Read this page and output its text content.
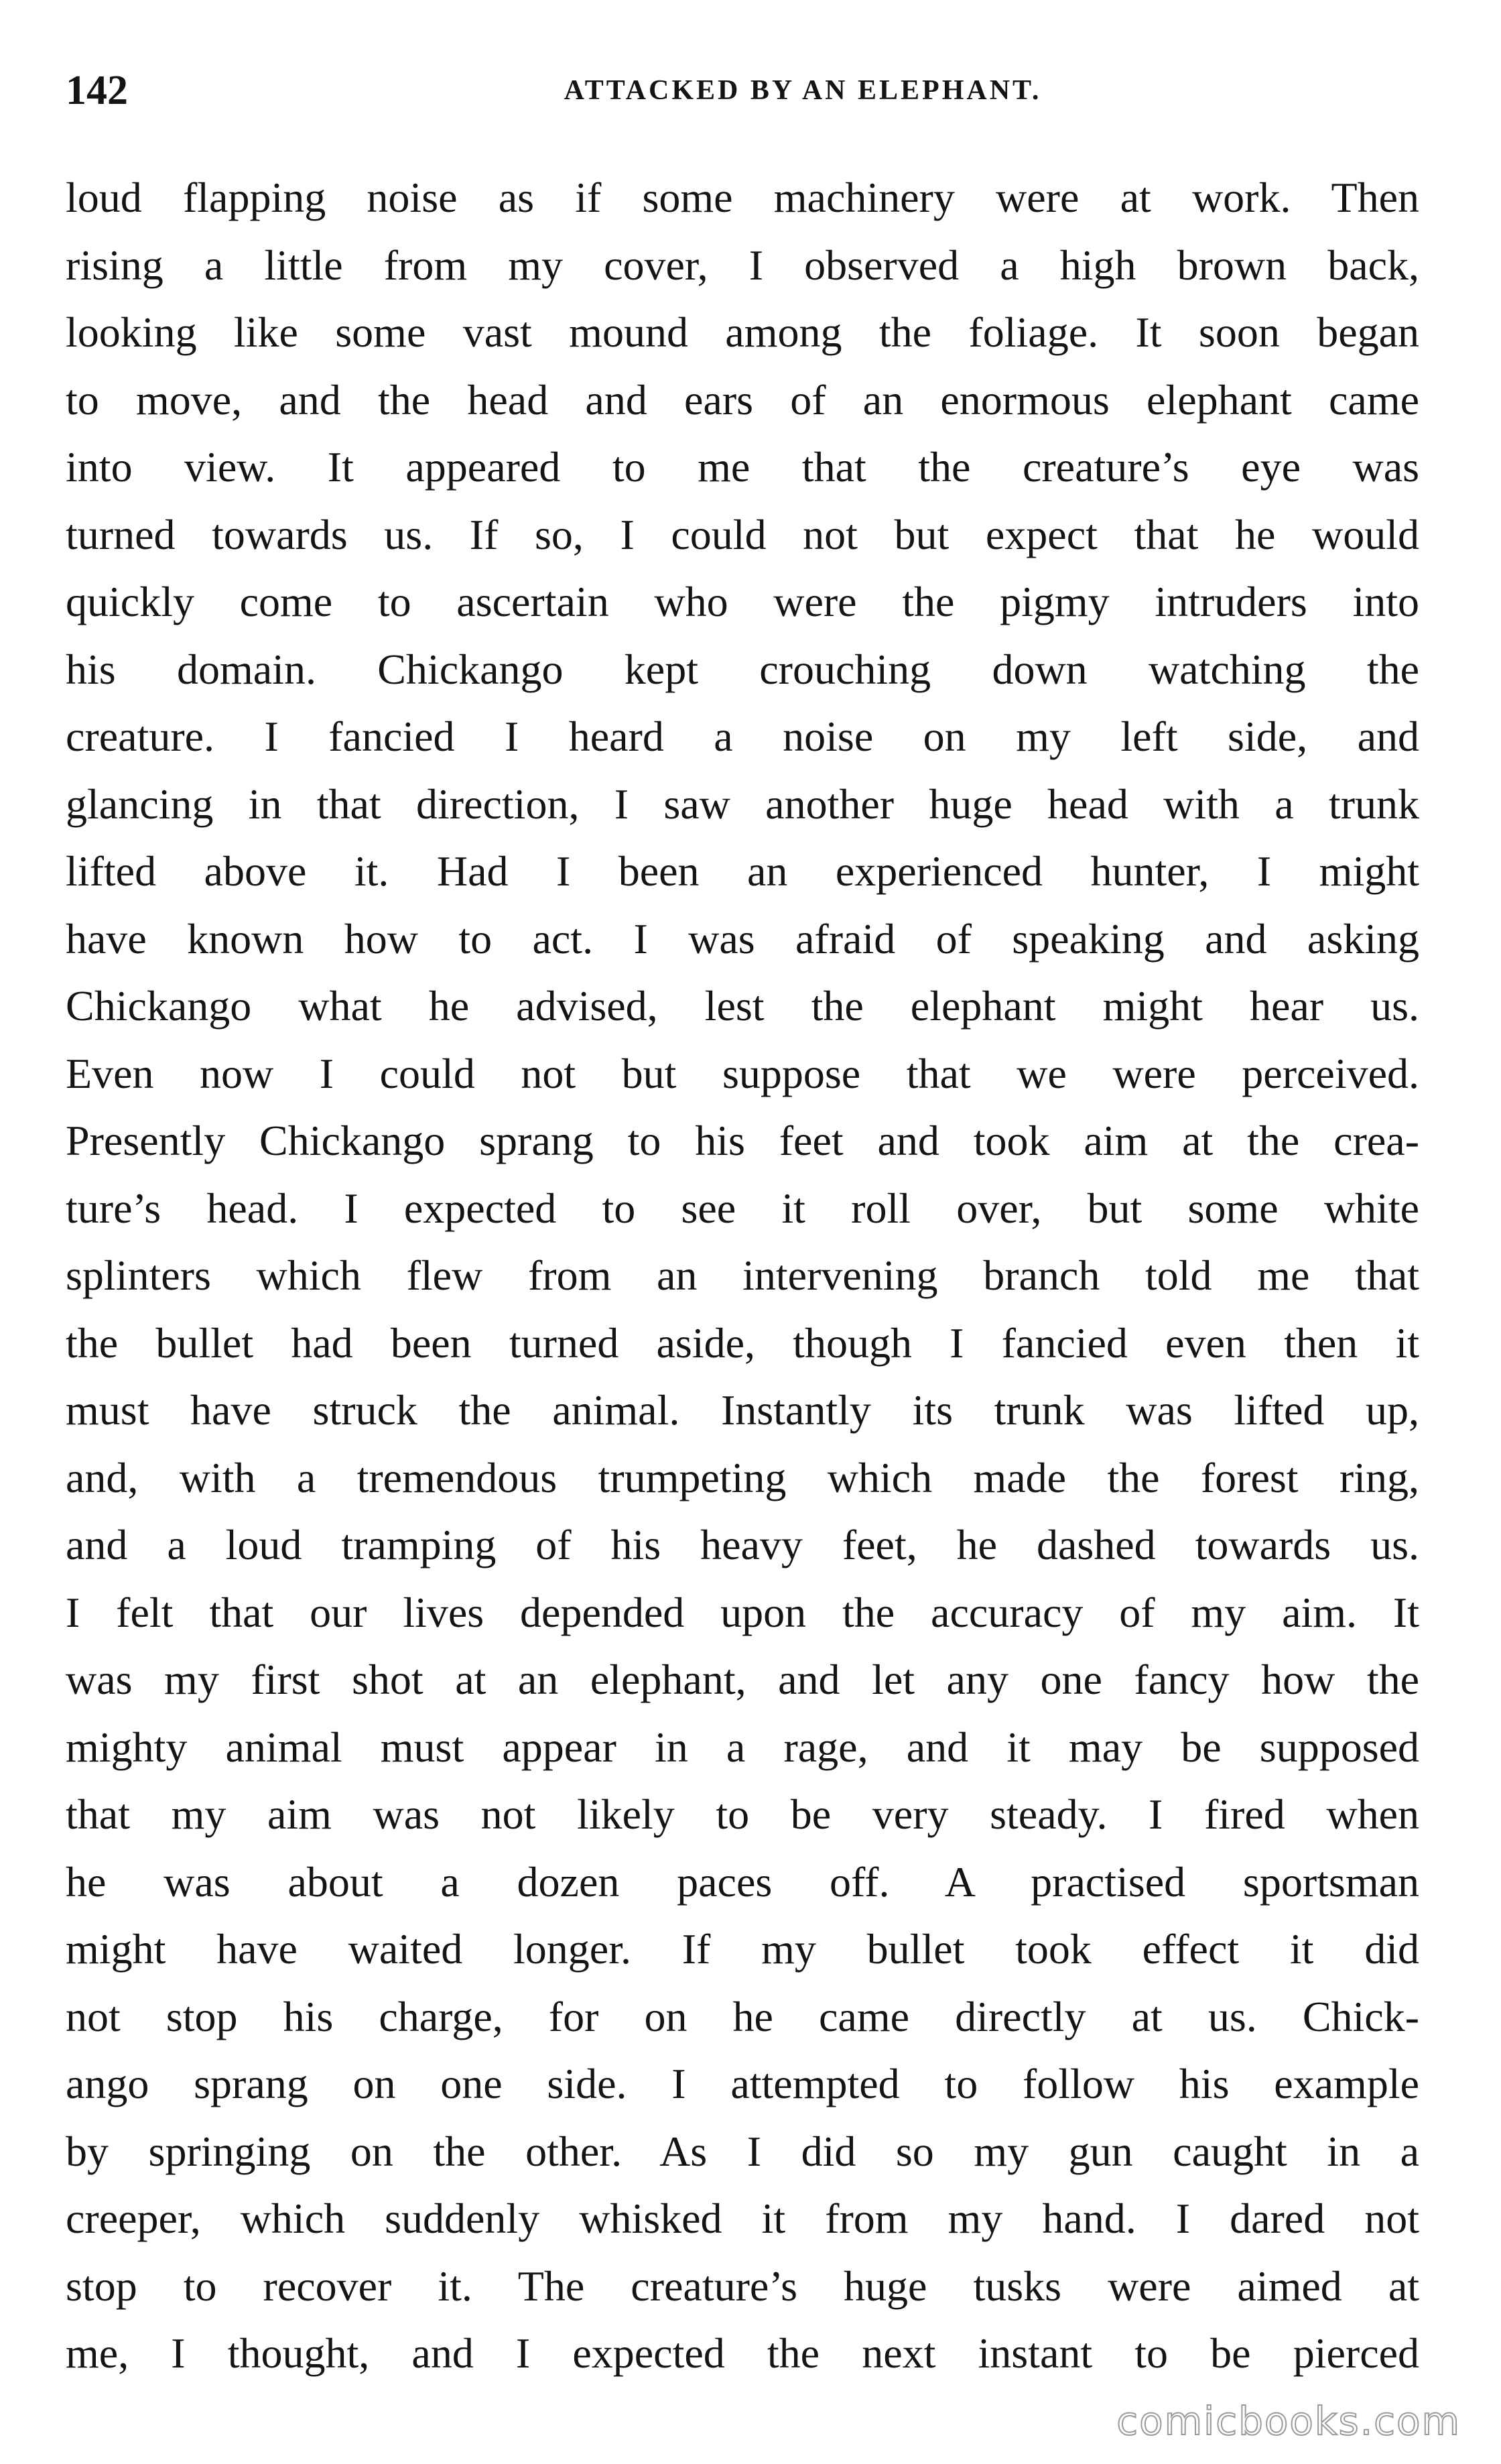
142	ATTACKED BY AN ELEPHANT.
loud flapping noise as if some machinery were at work. Then
rising a little from my cover, I observed a high brown back,
looking like some vast mound among the foliage. It soon began
to move, and the head and ears of an enormous elephant came
into view. It appeared to me that the creature’s eye was
turned towards us. If so, I could not but expect that he would
quickly come to ascertain who were the pigmy intruders into
his domain. Chickango kept crouching down watching the
creature. I fancied I heard a noise on my left side, and
glancing in that direction, I saw another huge head with a trunk
lifted above it. Had I been an experienced hunter, I might
have known how to act. I was afraid of speaking and asking
Chickango what he advised, lest the elephant might hear us.
Even now I could not but suppose that we were perceived.
Presently Chickango sprang to his feet and took aim at the crea-
ture’s head. I expected to see it roll over, but some white
splinters which flew from an intervening branch told me that
the bullet had been turned aside, though I fancied even then it
must have struck the animal. Instantly its trunk was lifted up,
and, with a tremendous trumpeting which made the forest ring,
and a loud tramping of his heavy feet, he dashed towards us.
I felt that our lives depended upon the accuracy of my aim. It
was my first shot at an elephant, and let any one fancy how the
mighty animal must appear in a rage, and it may be supposed
that my aim was not likely to be very steady. I fired when
he was about a dozen paces off. A practised sportsman
might have waited longer. If my bullet took effect it did
not stop his charge, for on he came directly at us. Chick-
ango sprang on one side. I attempted to follow his example
by springing on the other. As I did so my gun caught in a
creeper, which suddenly whisked it from my hand. I dared not
stop to recover it. The creature’s huge tusks were aimed at
me, I thought, and I expected the next instant to be pierced
comicbooks.com
